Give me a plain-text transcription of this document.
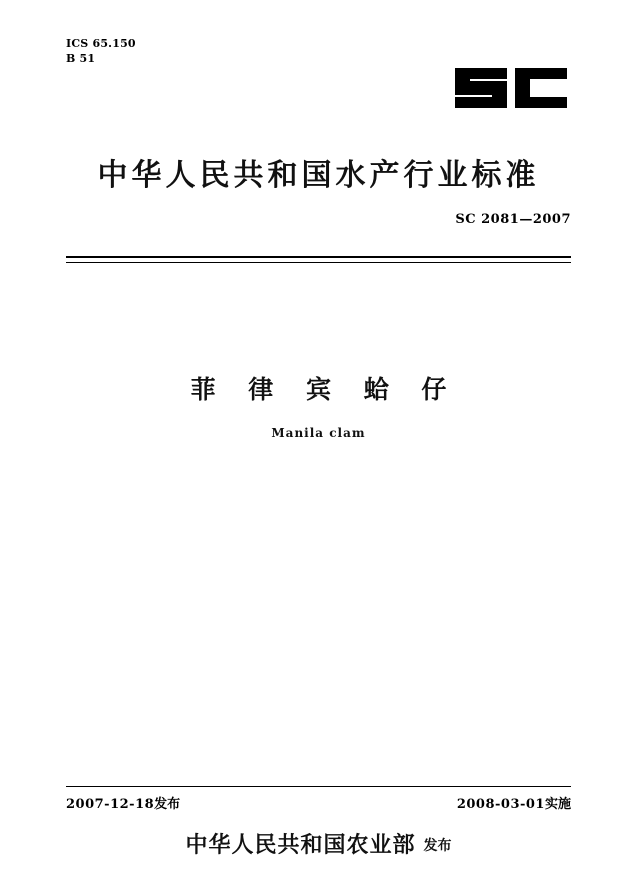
ICS 65.150
B 51
中华人民共和国水产行业标准
SC 2081—2007
菲 律 宾 蛤 仔
Manila clam
2007-12-18发布	2008-03-01实施
中华人民共和国农业部 发布
